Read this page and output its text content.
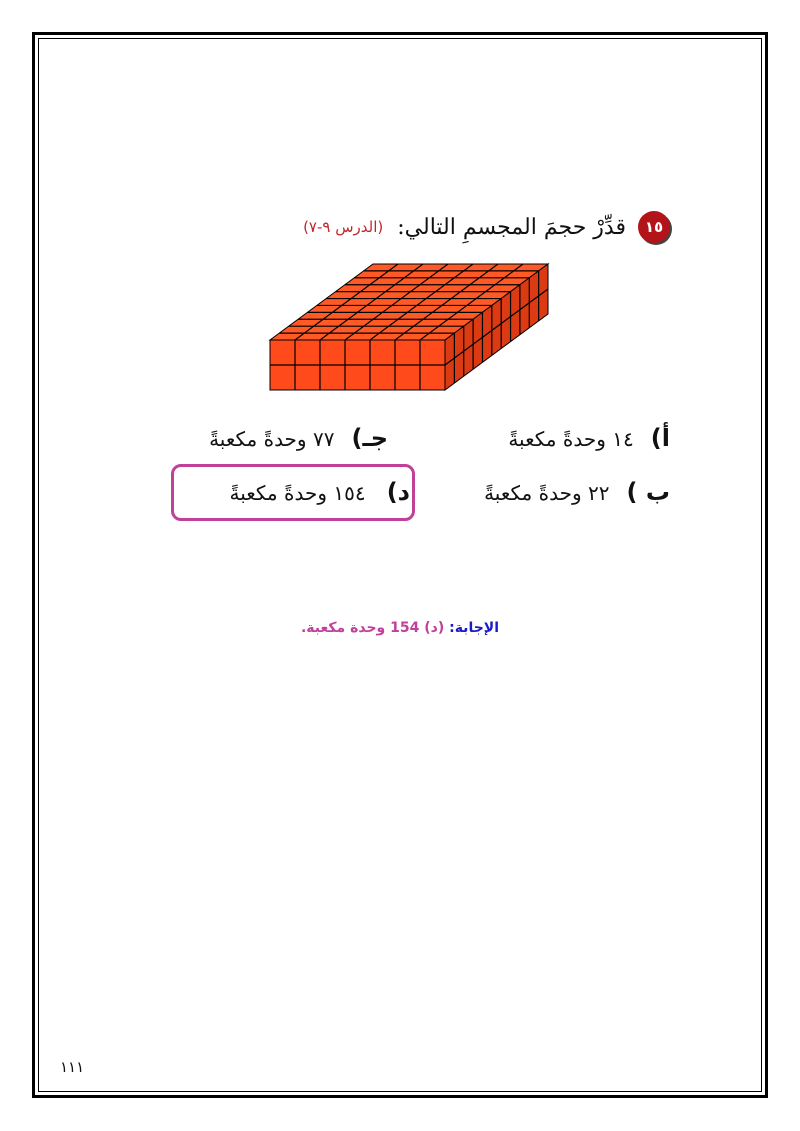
١٥
قدِّرْ حجمَ المجسمِ التالي:
(الدرس ٩-٧)
أ) ١٤ وحدةً مكعبةً
جـ) ٧٧ وحدةً مكعبةً
ب ) ٢٢ وحدةً مكعبةً
د) ١٥٤ وحدةً مكعبةً
الإجابة: (د) 154 وحدة مكعبة.
١١١
